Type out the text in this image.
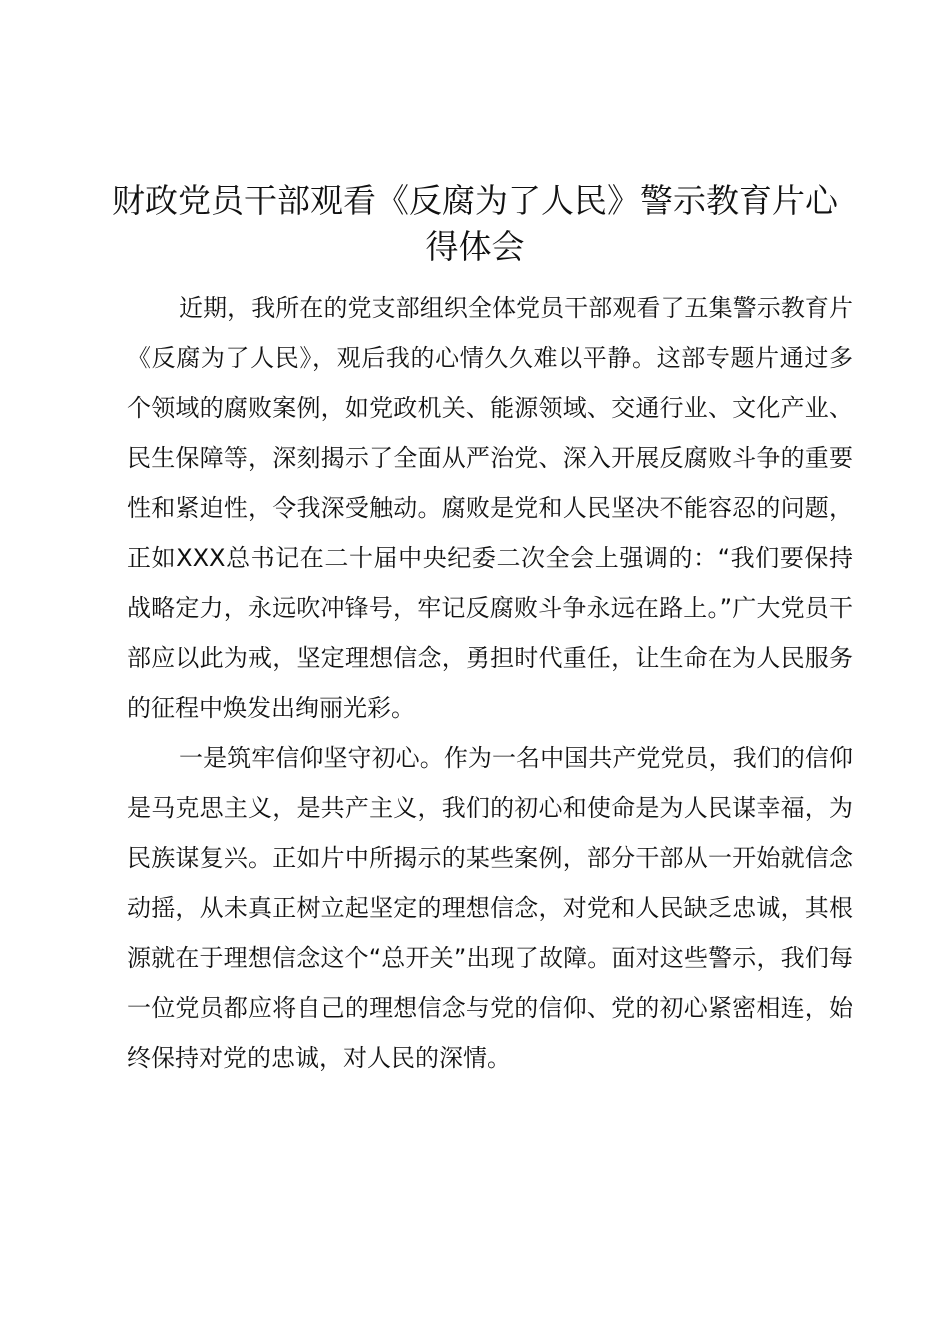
财政党员干部观看《反腐为了人民》警示教育片心得体会

近期，我所在的党支部组织全体党员干部观看了五集警示教育片《反腐为了人民》，观后我的心情久久难以平静。这部专题片通过多个领域的腐败案例，如党政机关、能源领域、交通行业、文化产业、民生保障等，深刻揭示了全面从严治党、深入开展反腐败斗争的重要性和紧迫性，令我深受触动。腐败是党和人民坚决不能容忍的问题，正如XXX总书记在二十届中央纪委二次全会上强调的：“我们要保持战略定力，永远吹冲锋号，牢记反腐败斗争永远在路上。”广大党员干部应以此为戒，坚定理想信念，勇担时代重任，让生命在为人民服务的征程中焕发出绚丽光彩。

一是筑牢信仰坚守初心。作为一名中国共产党党员，我们的信仰是马克思主义，是共产主义，我们的初心和使命是为人民谋幸福，为民族谋复兴。正如片中所揭示的某些案例，部分干部从一开始就信念动摇，从未真正树立起坚定的理想信念，对党和人民缺乏忠诚，其根源就在于理想信念这个“总开关”出现了故障。面对这些警示，我们每一位党员都应将自己的理想信念与党的信仰、党的初心紧密相连，始终保持对党的忠诚，对人民的深情。
